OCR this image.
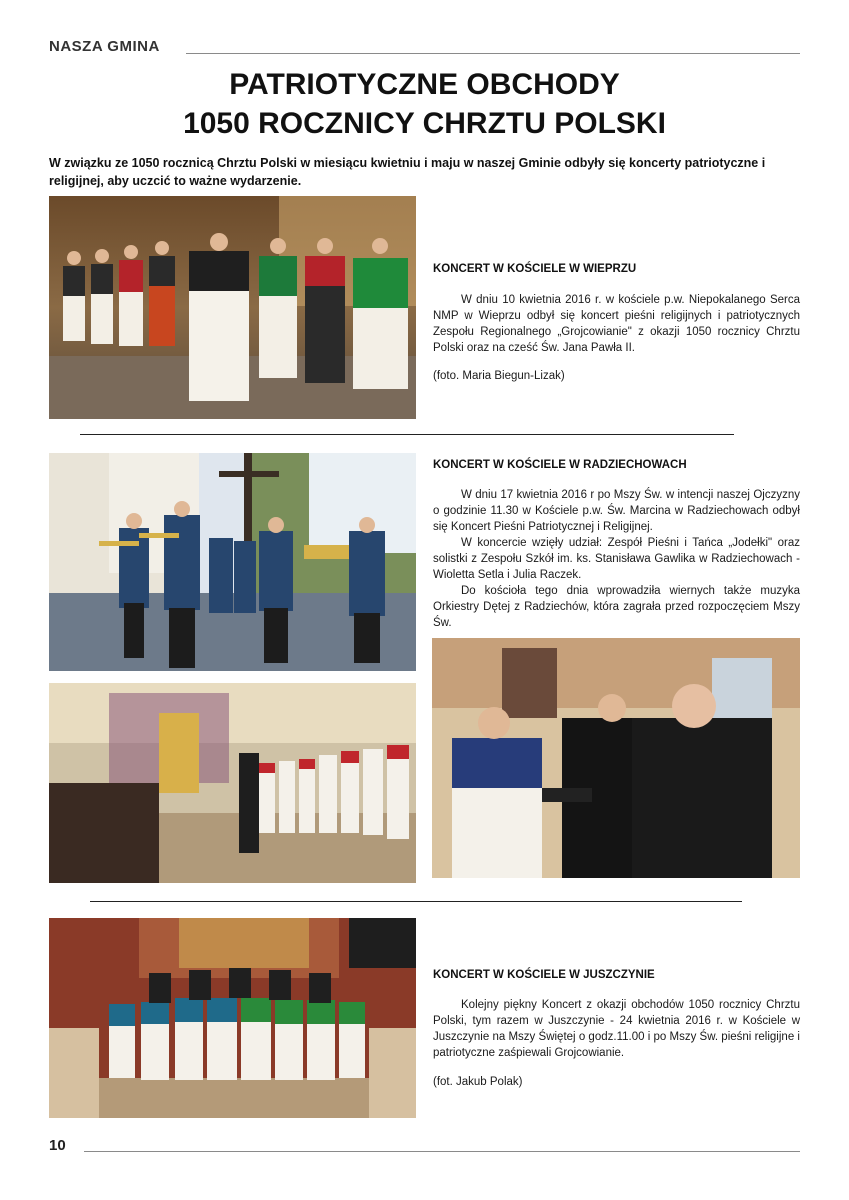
NASZA GMINA
PATRIOTYCZNE OBCHODY
1050 ROCZNICY CHRZTU POLSKI
W związku ze 1050 rocznicą Chrztu Polski w miesiącu kwietniu i maju w naszej Gminie odbyły się koncerty patriotyczne i religijnej, aby uczcić to ważne wydarzenie.
KONCERT W KOŚCIELE W WIEPRZU

W dniu 10 kwietnia 2016 r. w kościele p.w. Niepokalanego Serca NMP w Wieprzu odbył się koncert pieśni religijnych i patriotycznych Zespołu Regionalnego „Grojcowianie" z okazji 1050 rocznicy Chrztu Polski oraz na cześć Św. Jana Pawła II.

(foto. Maria Biegun-Lizak)
KONCERT W KOŚCIELE W RADZIECHOWACH

W dniu 17 kwietnia 2016 r po Mszy Św. w intencji naszej Ojczyzny o godzinie 11.30 w Kościele p.w. Św. Marcina w Radziechowach odbył się Koncert Pieśni Patriotycznej i Religijnej.

W koncercie wzięły udział: Zespół Pieśni i Tańca „Jodełki" oraz solistki z Zespołu Szkół im. ks. Stanisława Gawlika w Radziechowach - Wioletta Setla i Julia Raczek.

Do kościoła tego dnia wprowadziła wiernych także muzyka Orkiestry Dętej z Radziechów, która zagrała przed rozpoczęciem Mszy Św.

KONCERT W KOŚCIELE W JUSZCZYNIE

Kolejny piękny Koncert z okazji obchodów 1050 rocznicy Chrztu Polski, tym razem w Juszczynie - 24 kwietnia 2016 r. w Kościele w Juszczynie na Mszy Świętej o godz.11.00 i po Mszy Św. pieśni religijne i patriotyczne zaśpiewali Grojcowianie.

(fot. Jakub Polak)
10
